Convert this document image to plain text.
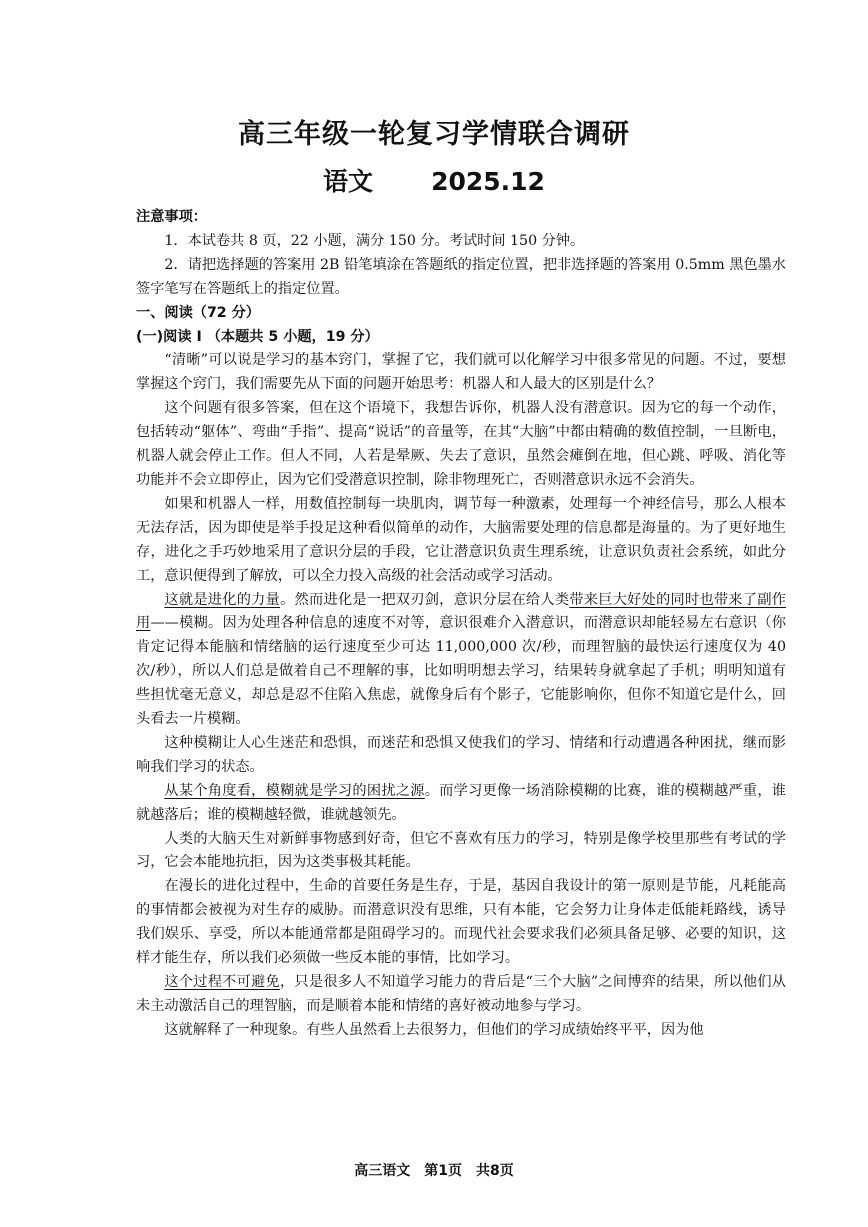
高三年级一轮复习学情联合调研
语文 2025.12

注意事项：

1．本试卷共 8 页，22 小题，满分 150 分。考试时间 150 分钟。

2．请把选择题的答案用 2B 铅笔填涂在答题纸的指定位置，把非选择题的答案用 0.5mm 黑色墨水签字笔写在答题纸上的指定位置。

一、阅读（72 分）

(一)阅读 I （本题共 5 小题，19 分）

“清晰”可以说是学习的基本窍门，掌握了它，我们就可以化解学习中很多常见的问题。不过，要想掌握这个窍门，我们需要先从下面的问题开始思考：机器人和人最大的区别是什么？

这个问题有很多答案，但在这个语境下，我想告诉你，机器人没有潜意识。因为它的每一个动作，包括转动“躯体”、弯曲“手指”、提高“说话”的音量等，在其“大脑”中都由精确的数值控制，一旦断电，机器人就会停止工作。但人不同，人若是晕厥、失去了意识，虽然会瘫倒在地，但心跳、呼吸、消化等功能并不会立即停止，因为它们受潜意识控制，除非物理死亡，否则潜意识永远不会消失。

如果和机器人一样，用数值控制每一块肌肉，调节每一种激素，处理每一个神经信号，那么人根本无法存活，因为即使是举手投足这种看似简单的动作，大脑需要处理的信息都是海量的。为了更好地生存，进化之手巧妙地采用了意识分层的手段，它让潜意识负责生理系统，让意识负责社会系统，如此分工，意识便得到了解放，可以全力投入高级的社会活动或学习活动。

这就是进化的力量。然而进化是一把双刃剑，意识分层在给人类带来巨大好处的同时也带来了副作用——模糊。因为处理各种信息的速度不对等，意识很难介入潜意识，而潜意识却能轻易左右意识（你肯定记得本能脑和情绪脑的运行速度至少可达 11,000,000 次/秒，而理智脑的最快运行速度仅为 40 次/秒），所以人们总是做着自己不理解的事，比如明明想去学习，结果转身就拿起了手机；明明知道有些担忧毫无意义，却总是忍不住陷入焦虑，就像身后有个影子，它能影响你，但你不知道它是什么，回头看去一片模糊。

这种模糊让人心生迷茫和恐惧，而迷茫和恐惧又使我们的学习、情绪和行动遭遇各种困扰，继而影响我们学习的状态。

从某个角度看，模糊就是学习的困扰之源。而学习更像一场消除模糊的比赛，谁的模糊越严重，谁就越落后；谁的模糊越轻微，谁就越领先。

人类的大脑天生对新鲜事物感到好奇，但它不喜欢有压力的学习，特别是像学校里那些有考试的学习，它会本能地抗拒，因为这类事极其耗能。

在漫长的进化过程中，生命的首要任务是生存，于是，基因自我设计的第一原则是节能，凡耗能高的事情都会被视为对生存的威胁。而潜意识没有思维，只有本能，它会努力让身体走低能耗路线，诱导我们娱乐、享受，所以本能通常都是阻碍学习的。而现代社会要求我们必须具备足够、必要的知识，这样才能生存，所以我们必须做一些反本能的事情，比如学习。

这个过程不可避免，只是很多人不知道学习能力的背后是“三个大脑”之间博弈的结果，所以他们从未主动激活自己的理智脑，而是顺着本能和情绪的喜好被动地参与学习。

这就解释了一种现象。有些人虽然看上去很努力，但他们的学习成绩始终平平，因为他

高三语文　第1页　共8页
